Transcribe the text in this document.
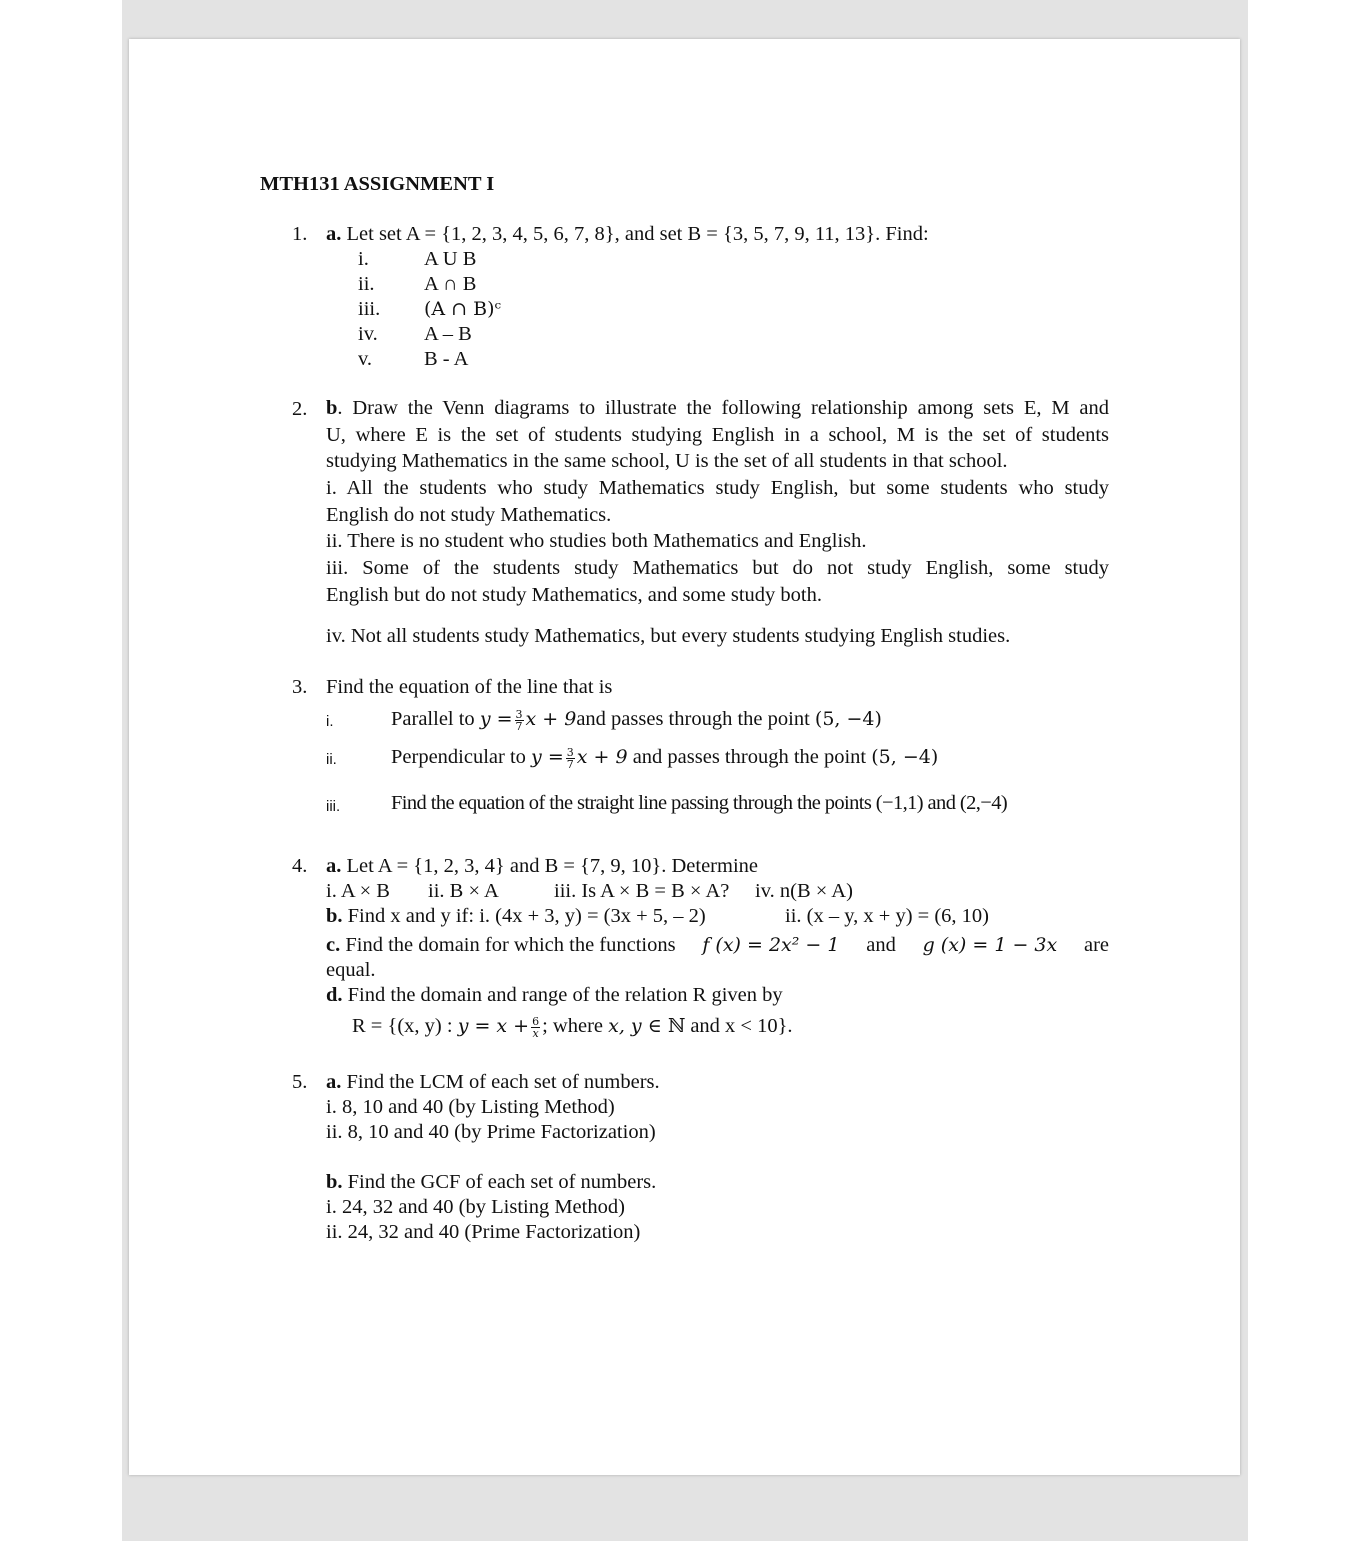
MTH131 ASSIGNMENT I
1. a. Let set A = {1, 2, 3, 4, 5, 6, 7, 8}, and set B = {3, 5, 7, 9, 11, 13}. Find:
i.	A U B
ii. A ∩ B
iii. (A ∩ B)ᶜ
iv. A – B
v.	B - A
2. b. Draw the Venn diagrams to illustrate the following relationship among sets E, M and
U, where E is the set of students studying English in a school, M is the set of students
studying Mathematics in the same school, U is the set of all students in that school.
i. All the students who study Mathematics study English, but some students who study
English do not study Mathematics.
ii. There is no student who studies both Mathematics and English.
iii. Some of the students study Mathematics but do not study English, some study
English but do not study Mathematics, and some study both.
iv. Not all students study Mathematics, but every students studying English studies.
3. Find the equation of the line that is
i.	Parallel to $y = \frac{3}{7}$ x + 9and passes through the point (5, −4)
ii.	Perpendicular to $y = \frac{3}{7}$ x + 9 and passes through the point (5, −4)
iii. Find the equation of the straight line passing through the points (−1,1) and (2,−4)
4. a. Let A = {1, 2, 3, 4} and B = {7, 9, 10}. Determine
i. A × B ii. B × A	iii. Is A × B = B × A? iv. n(B × A)
b. Find x and y if: i. (4x + 3, y) = (3x + 5, – 2)	ii. (x – y, x + y) = (6, 10)
c. Find the domain for which the functions f (x) = 2x² − 1 and g (x) = 1 − 3x are
equal.
d. Find the domain and range of the relation R given by
R = {(x, y) : $y = x + \frac{6}{x}$ ; where x, y ∈ ℕ and x < 10}.
5. a. Find the LCM of each set of numbers.
i. 8, 10 and 40 (by Listing Method)
ii. 8, 10 and 40 (by Prime Factorization)
b. Find the GCF of each set of numbers.
i. 24, 32 and 40 (by Listing Method)
ii. 24, 32 and 40 (Prime Factorization)
